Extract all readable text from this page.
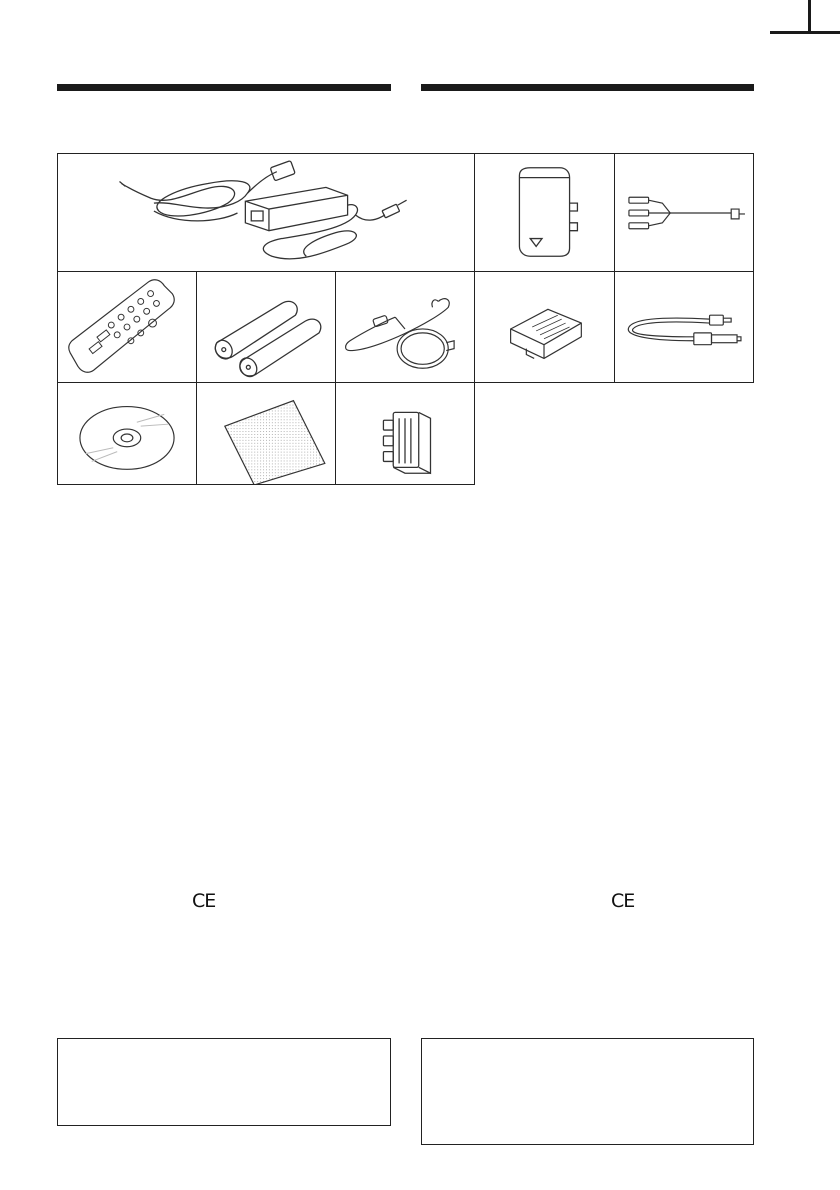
CE	CE
